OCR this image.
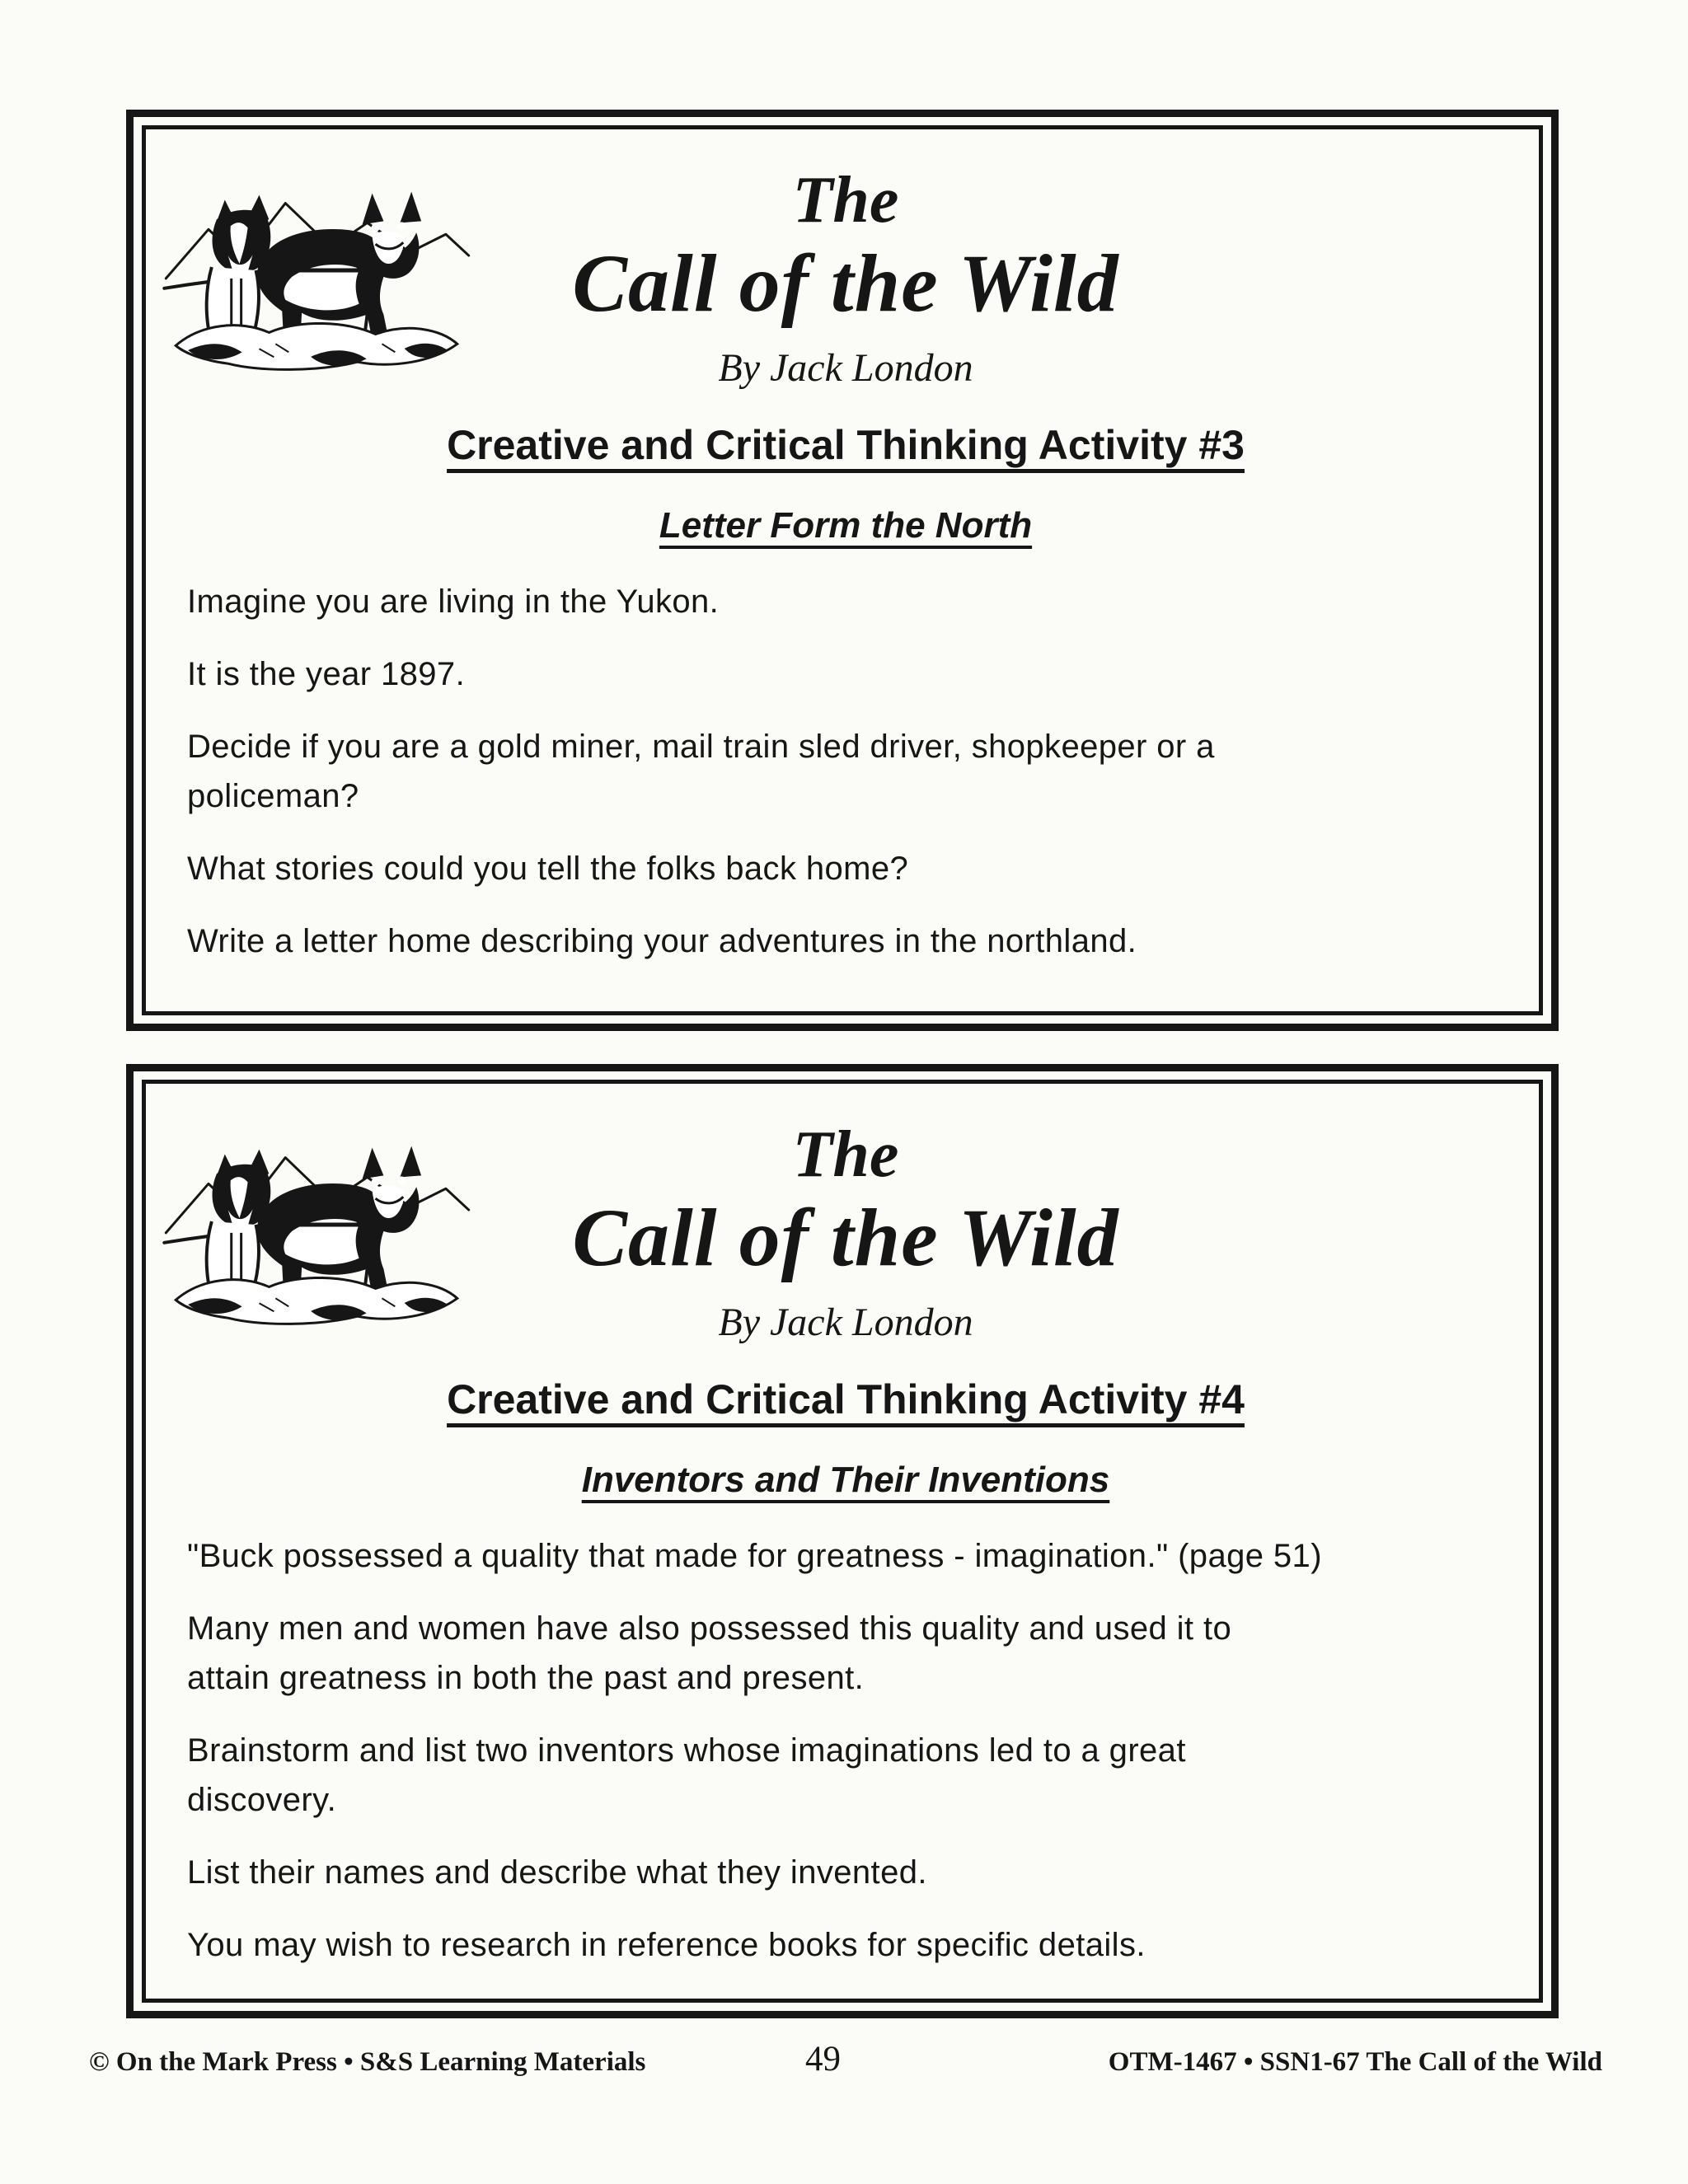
The
Call of the Wild
By Jack London
Creative and Critical Thinking Activity #3
Letter Form the North

Imagine you are living in the Yukon.

It is the year 1897.

Decide if you are a gold miner, mail train sled driver, shopkeeper or a
policeman?

What stories could you tell the folks back home?

Write a letter home describing your adventures in the northland.

The
Call of the Wild
By Jack London
Creative and Critical Thinking Activity #4
Inventors and Their Inventions

"Buck possessed a quality that made for greatness - imagination." (page 51)

Many men and women have also possessed this quality and used it to
attain greatness in both the past and present.

Brainstorm and list two inventors whose imaginations led to a great
discovery.

List their names and describe what they invented.

You may wish to research in reference books for specific details.

© On the Mark Press • S&S Learning Materials	49	OTM-1467 • SSN1-67 The Call of the Wild
